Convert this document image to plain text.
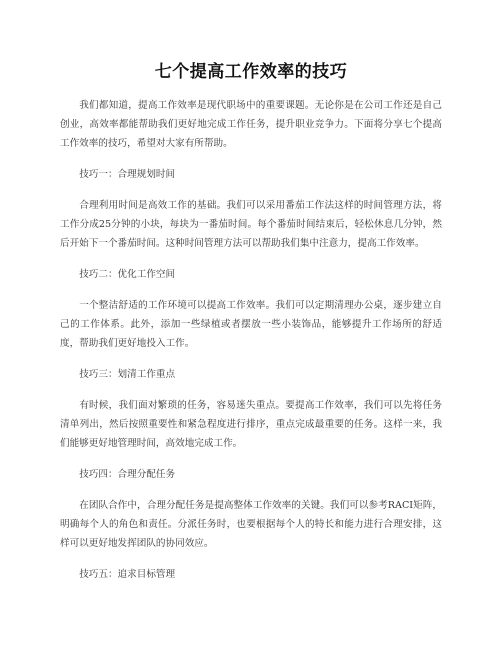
七个提高工作效率的技巧

我们都知道，提高工作效率是现代职场中的重要课题。无论你是在公司工作还是自己创业，高效率都能帮助我们更好地完成工作任务，提升职业竞争力。下面将分享七个提高工作效率的技巧，希望对大家有所帮助。

技巧一：合理规划时间

合理利用时间是高效工作的基础。我们可以采用番茄工作法这样的时间管理方法，将工作分成25分钟的小块，每块为一番茄时间。每个番茄时间结束后，轻松休息几分钟，然后开始下一个番茄时间。这种时间管理方法可以帮助我们集中注意力，提高工作效率。

技巧二：优化工作空间

一个整洁舒适的工作环境可以提高工作效率。我们可以定期清理办公桌，逐步建立自己的工作体系。此外，添加一些绿植或者摆放一些小装饰品，能够提升工作场所的舒适度，帮助我们更好地投入工作。

技巧三：划清工作重点

有时候，我们面对繁琐的任务，容易迷失重点。要提高工作效率，我们可以先将任务清单列出，然后按照重要性和紧急程度进行排序，重点完成最重要的任务。这样一来，我们能够更好地管理时间，高效地完成工作。

技巧四：合理分配任务

在团队合作中，合理分配任务是提高整体工作效率的关键。我们可以参考RACI矩阵，明确每个人的角色和责任。分派任务时，也要根据每个人的特长和能力进行合理安排，这样可以更好地发挥团队的协同效应。

技巧五：追求目标管理
